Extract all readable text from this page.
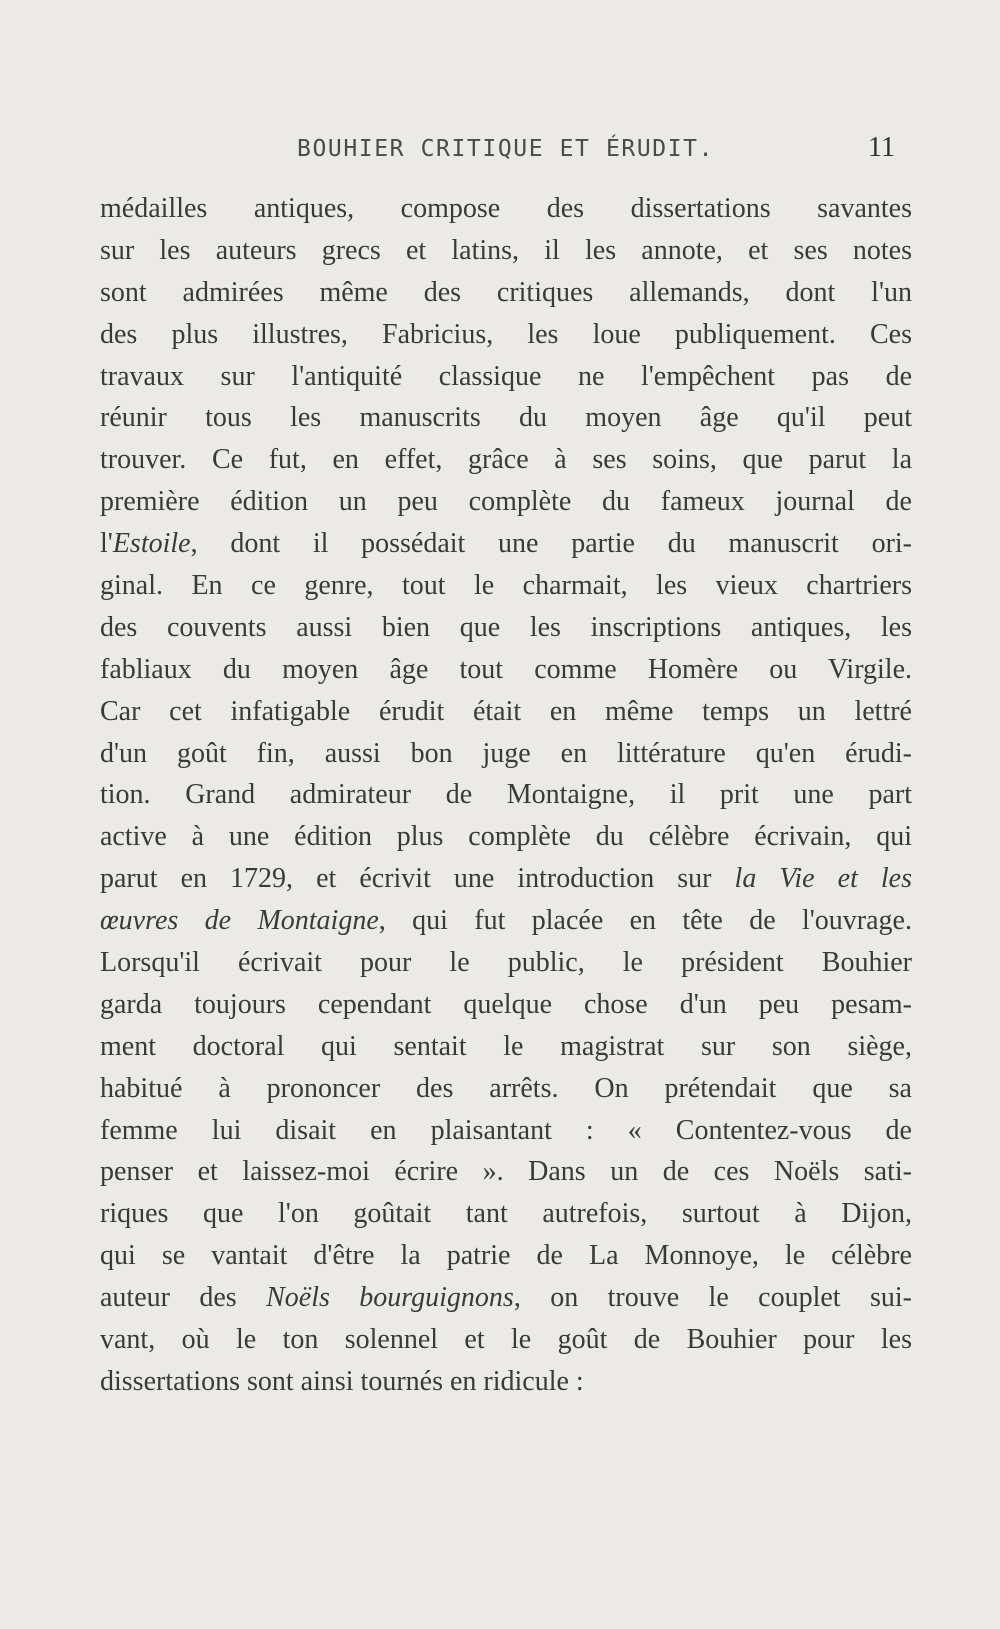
BOUHIER CRITIQUE ET ÉRUDIT.	11
médailles antiques, compose des dissertations savantes
sur les auteurs grecs et latins, il les annote, et ses notes
sont admirées même des critiques allemands, dont l'un
des plus illustres, Fabricius, les loue publiquement. Ces
travaux sur l'antiquité classique ne l'empêchent pas de
réunir tous les manuscrits du moyen âge qu'il peut
trouver. Ce fut, en effet, grâce à ses soins, que parut la
première édition un peu complète du fameux journal de
l'Estoile, dont il possédait une partie du manuscrit ori-
ginal. En ce genre, tout le charmait, les vieux chartriers
des couvents aussi bien que les inscriptions antiques, les
fabliaux du moyen âge tout comme Homère ou Virgile.
Car cet infatigable érudit était en même temps un lettré
d'un goût fin, aussi bon juge en littérature qu'en érudi-
tion. Grand admirateur de Montaigne, il prit une part
active à une édition plus complète du célèbre écrivain, qui
parut en 1729, et écrivit une introduction sur la Vie et les
œuvres de Montaigne, qui fut placée en tête de l'ouvrage.
Lorsqu'il écrivait pour le public, le président Bouhier
garda toujours cependant quelque chose d'un peu pesam-
ment doctoral qui sentait le magistrat sur son siège,
habitué à prononcer des arrêts. On prétendait que sa
femme lui disait en plaisantant : « Contentez-vous de
penser et laissez-moi écrire ». Dans un de ces Noëls sati-
riques que l'on goûtait tant autrefois, surtout à Dijon,
qui se vantait d'être la patrie de La Monnoye, le célèbre
auteur des Noëls bourguignons, on trouve le couplet sui-
vant, où le ton solennel et le goût de Bouhier pour les
dissertations sont ainsi tournés en ridicule :
